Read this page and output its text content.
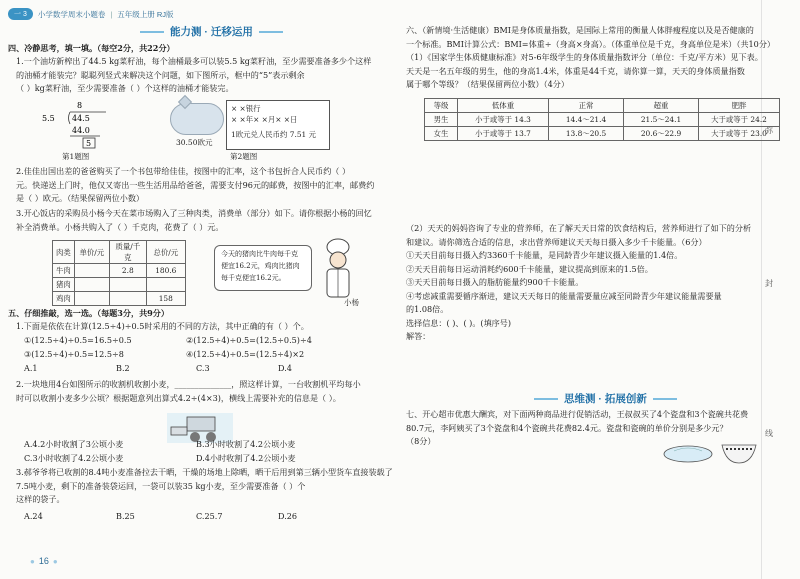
弥
封
线
一 3	小学数学周末小题卷 | 五年级上册 RJ版
能力测 · 迁移运用
四、冷静思考，填一填。（每空2分，共22分）

1.一个油坊新榨出了44.5 kg菜籽油，每个油桶最多可以装5.5 kg菜籽油，至少需要准备多少个这样

的油桶才能装完？聪聪列竖式来解决这个问题，如下图所示，框中的“5”表示剩余

（ ）kg菜籽油，至少需要准备（ ）个这样的油桶才能装完。

8
5.5 44.5
44.0
5	30.50欧元
× ×银行
× ×年× ×月× ×日
1欧元兑人民币约 7.51 元
第1题图	第2题图

2.佳佳出国出差的爸爸购买了一个书包带给佳佳，按图中的汇率，这个书包折合人民币约（ ）

元。快递送上门时，他仅又寄出一些生活用品给爸爸，需要支付96元的邮费，按图中的汇率，邮费约

是（ ）欧元。（结果保留两位小数）

3.开心饭店的采购员小杨今天在菜市场购入了三种肉类，消费单（部分）如下。请你根据小杨的回忆

补全消费单。小杨共购入了（ ）千克肉，花费了（ ）元。

肉类	单价/元	质量/千克	总价/元
牛肉		2.8	180.6
猪肉			
鸡肉			158

今天的猪肉比牛肉每千克

便宜16.2元，鸡肉比猪肉

每千克便宜16.2元。

小杨
五、仔细推敲，选一选。（每题3分，共9分）
1.下面是依依在计算(12.5÷4)÷0.5时采用的不同的方法，其中正确的有（ ）个。
①(12.5÷4)÷0.5=16.5÷0.5	②(12.5÷4)÷0.5=(12.5÷0.5)÷4
③(12.5÷4)÷0.5=12.5÷8	④(12.5÷4)÷0.5=(12.5÷4)×2
A.1	B.2	C.3	D.4

2.一块地用4台如图所示的收割机收割小麦，______________，照这样计算，一台收割机平均每小

时可以收割小麦多少公顷？根据题意列出算式4.2÷(4×3)，横线上需要补充的信息是（ ）。

A.4.2小时收割了3公顷小麦	B.3小时收割了4.2公顷小麦
C.3小时收割了4.2公顷小麦	D.4小时收割了4.2公顷小麦

3.郝爷爷将已收割的8.4吨小麦准备拉去干晒，干燥的场地上除晒，晒干后用到第三辆小型货车直接装载了

7.5吨小麦，剩下的准备装袋运回，一袋可以装35 kg小麦，至少需要准备（ ）个

这样的袋子。

A.24	B.25	C.25.7	D.26
● 16 ●

六、（新情境·生活健康）BMI是身体质量指数，是国际上常用的衡量人体胖瘦程度以及是否健康的

一个标准。BMI计算公式：BMI=体重÷（身高×身高）。（体重单位是千克，身高单位是米）（共10分）

（1）《国家学生体质健康标准》对5-6年级学生的身体质量指数评分（单位：千克/平方米）见下表。

天天是一名五年级的男生，他的身高1.4米，体重是44千克，请你算一算，天天的身体质量指数

属于哪个等级？（结果保留两位小数）（4分）

等级	低体重	正常	超重	肥胖
男生	小于或等于 14.3	14.4～21.4	21.5～24.1	大于或等于 24.2
女生	小于或等于 13.7	13.8～20.5	20.6～22.9	大于或等于 23.0

（2）天天的妈妈咨询了专业的营养师，在了解天天日常的饮食结构后，营养师进行了如下的分析

和建议。请你筛选合适的信息，求出营养师建议天天每日摄入多少千卡能量。（6分）

①天天目前每日摄入约3360千卡能量，是同龄青少年建议摄入能量的1.4倍。

②天天目前每日运动消耗约600千卡能量，建议提高到原来的1.5倍。

③天天目前每日摄入的脂肪能量约900千卡能量。

④考虑减重需要循序渐进，建议天天每日的能量需要量应减至同龄青少年建议能量需要量

的1.08倍。

选择信息：( )、( )。(填序号)

解答：

思维测 · 拓展创新

七、开心超市优惠大酬宾，对下面两种商品进行促销活动，王叔叔买了4个瓷盘和3个瓷碗共花费

80.7元，李阿姨买了3个瓷盘和4个瓷碗共花费82.4元。瓷盘和瓷碗的单价分别是多少元？

（8分）
